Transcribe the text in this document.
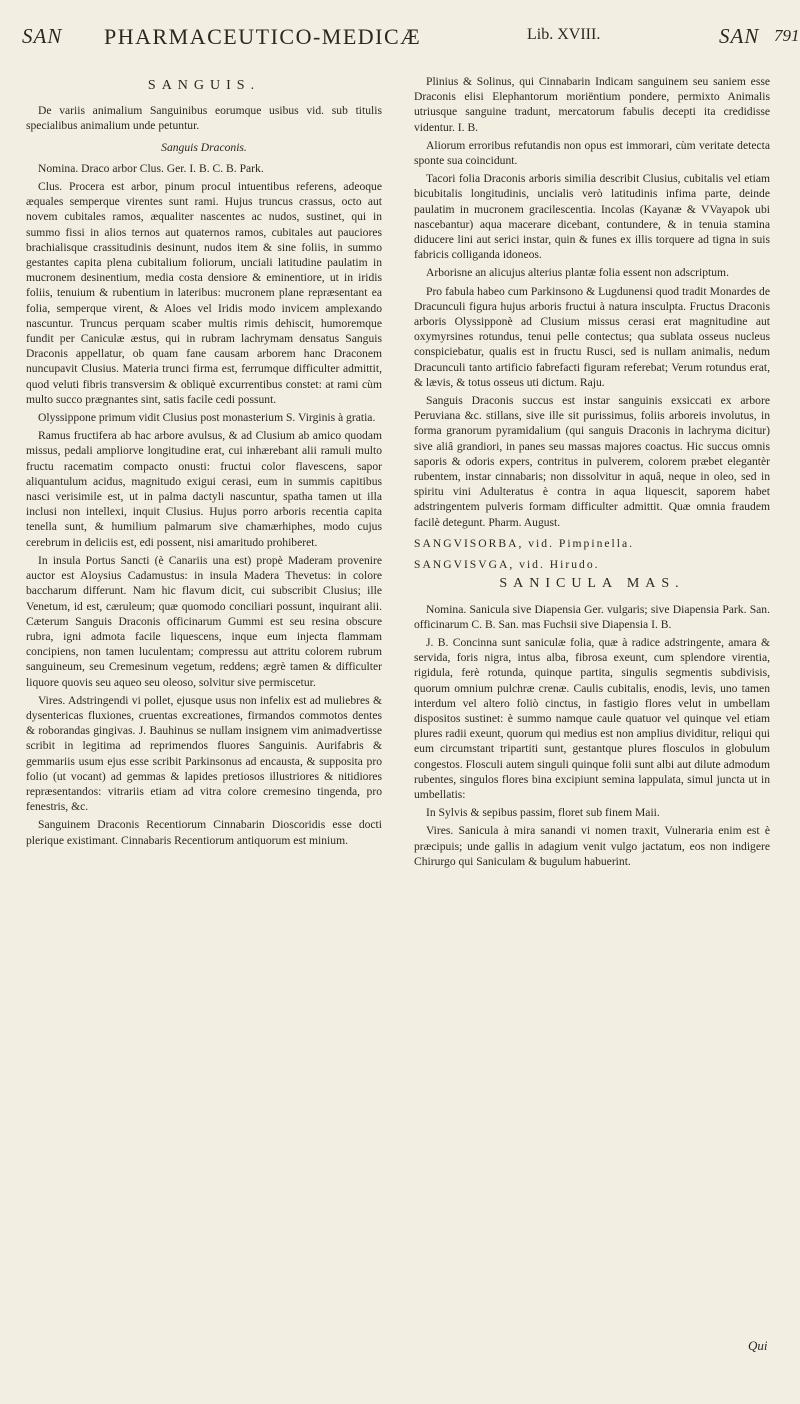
SAN PHARMACEUTICO-MEDICÆ	Lib. XVIII.	SAN 791
SANGUIS.

De variis animalium Sanguinibus eorumque usibus vid. sub titulis specialibus animalium unde petuntur.

Sanguis Draconis.

Nomina. Draco arbor Clus. Ger. I. B. C. B. Park.

Clus. Procera est arbor, pinum procul intuentibus referens, adeoque æquales semperque virentes sunt rami. Hujus truncus crassus, octo aut novem cubitales ramos, æqualiter nascentes ac nudos, sustinet, qui in summo fissi in alios ternos aut quaternos ramos, cubitales aut pauciores brachialisque crassitudinis desinunt, nudos item & sine foliis, in summo gestantes capita plena cubitalium foliorum, unciali latitudine paulatim in mucronem desinentium, media costa densiore & eminentiore, ut in iridis foliis, tenuium & rubentium in lateribus: mucronem plane repræsentant ea folia, semperque virent, & Aloes vel Iridis modo invicem amplexando nascuntur. Truncus perquam scaber multis rimis dehiscit, humoremque fundit per Caniculæ æstus, qui in rubram lachrymam densatus Sanguis Draconis appellatur, ob quam fane causam arborem hanc Draconem nuncupavit Clusius. Materia trunci firma est, ferrumque difficulter admittit, quod veluti fibris transversim & obliquè excurrentibus constet: at rami cùm multo succo prægnantes sint, satis facile cedi possunt.

Olyssippone primum vidit Clusius post monasterium S. Virginis à gratia.

Ramus fructifera ab hac arbore avulsus, & ad Clusium ab amico quodam missus, pedali ampliorve longitudine erat, cui inhærebant alii ramuli multo fructu racematim compacto onusti: fructui color flavescens, sapor aliquantulum acidus, magnitudo exigui cerasi, eum in summis capitibus nasci verisimile est, ut in palma dactyli nascuntur, spatha tamen ut illa inclusi non intellexi, inquit Clusius. Hujus porro arboris recentia capita tenella sunt, & humilium palmarum sive chamærhiphes, modo cujus cerebrum in deliciis est, edi possent, nisi amaritudo prohiberet.

In insula Portus Sancti (è Canariis una est) propè Maderam provenire auctor est Aloysius Cadamustus: in insula Madera Thevetus: in colore baccharum differunt. Nam hic flavum dicit, cui subscribit Clusius; ille Venetum, id est, cæruleum; quæ quomodo conciliari possunt, inquirant alii. Cæterum Sanguis Draconis officinarum Gummi est seu resina obscure rubra, igni admota facile liquescens, inque eum injecta flammam concipiens, non tamen luculentam; compressu aut attritu colorem rubrum sanguineum, seu Cremesinum vegetum, reddens; ægrè tamen & difficulter liquore quovis seu aqueo seu oleoso, solvitur sive permiscetur.

Vires. Adstringendi vi pollet, ejusque usus non infelix est ad muliebres & dysentericas fluxiones, cruentas excreationes, firmandos commotos dentes & roborandas gingivas. J. Bauhinus se nullam insignem vim animadvertisse scribit in legitima ad reprimendos fluores Sanguinis. Aurifabris & gemmariis usum ejus esse scribit Parkinsonus ad encausta, & supposita pro folio (ut vocant) ad gemmas & lapides pretiosos illustriores & nitidiores repræsentandos: vitrariis etiam ad vitra colore cremesino tingenda, pro fenestris, &c.

Sanguinem Draconis Recentiorum Cinnabarin Dioscoridis esse docti plerique existimant. Cinnabaris Recentiorum antiquorum est minium.

Plinius & Solinus, qui Cinnabarin Indicam sanguinem seu saniem esse Draconis elisi Elephantorum moriëntium pondere, permixto Animalis utriusque sanguine tradunt, mercatorum fabulis decepti ita credidisse videntur. I. B.

Aliorum erroribus refutandis non opus est immorari, cùm veritate detecta sponte sua coincidunt.

Tacori folia Draconis arboris similia describit Clusius, cubitalis vel etiam bicubitalis longitudinis, uncialis verò latitudinis infima parte, deinde paulatim in mucronem gracilescentia. Incolas (Kayanæ & VVayapok ubi nascebantur) aqua macerare dicebant, contundere, & in tenuia stamina diducere lini aut serici instar, quin & funes ex illis torquere ad tigna in suis fabricis colliganda idoneos.

Arborisne an alicujus alterius plantæ folia essent non adscriptum.

Pro fabula habeo cum Parkinsono & Lugdunensi quod tradit Monardes de Dracunculi figura hujus arboris fructui à natura insculpta. Fructus Draconis arboris Olyssipponè ad Clusium missus cerasi erat magnitudine aut oxymyrsines rotundus, tenui pelle contectus; qua sublata osseus nucleus conspiciebatur, qualis est in fructu Rusci, sed is nullam animalis, nedum Dracunculi tanto artificio fabrefacti figuram referebat; Verum rotundus erat, & lævis, & totus osseus uti dictum. Raju.

Sanguis Draconis succus est instar sanguinis exsiccati ex arbore Peruviana &c. stillans, sive ille sit purissimus, foliis arboreis involutus, in forma granorum pyramidalium (qui sanguis Draconis in lachryma dicitur) sive aliâ grandiori, in panes seu massas majores coactus. Hic succus omnis saporis & odoris expers, contritus in pulverem, colorem præbet elegantèr rubentem, instar cinnabaris; non dissolvitur in aquâ, neque in oleo, sed in spiritu vini Adulteratus è contra in aqua liquescit, saporem habet adstringentem pulveris formam difficulter admittit. Quæ omnia fraudem facilè detegunt. Pharm. August.

SANGVISORBA, vid. Pimpinella.

SANGVISVGA, vid. Hirudo.

SANICULA MAS.

Nomina. Sanicula sive Diapensia Ger. vulgaris; sive Diapensia Park. San. officinarum C. B. San. mas Fuchsii sive Diapensia I. B.

J. B. Concinna sunt saniculæ folia, quæ à radice adstringente, amara & servida, foris nigra, intus alba, fibrosa exeunt, cum splendore virentia, rigidula, ferè rotunda, quinque partita, singulis segmentis subdivisis, quorum omnium pulchræ crenæ. Caulis cubitalis, enodis, levis, uno tamen interdum vel altero foliò cinctus, in fastigio flores velut in umbellam dispositos sustinet: è summo namque caule quatuor vel quinque vel etiam plures radii exeunt, quorum qui medius est non amplius dividitur, reliqui qui eum circumstant tripartiti sunt, gestantque plures flosculos in globulum congestos. Flosculi autem singuli quinque folii sunt albi aut dilute admodum rubentes, singulos flores bina excipiunt semina lappulata, simul juncta ut in umbellatis:

In Sylvis & sepibus passim, floret sub finem Maii.

Vires. Sanicula à mira sanandi vi nomen traxit, Vulneraria enim est è præcipuis; unde gallis in adagium venit vulgo jactatum, eos non indigere Chirurgo qui Saniculam & bugulum habuerint.

Qui
